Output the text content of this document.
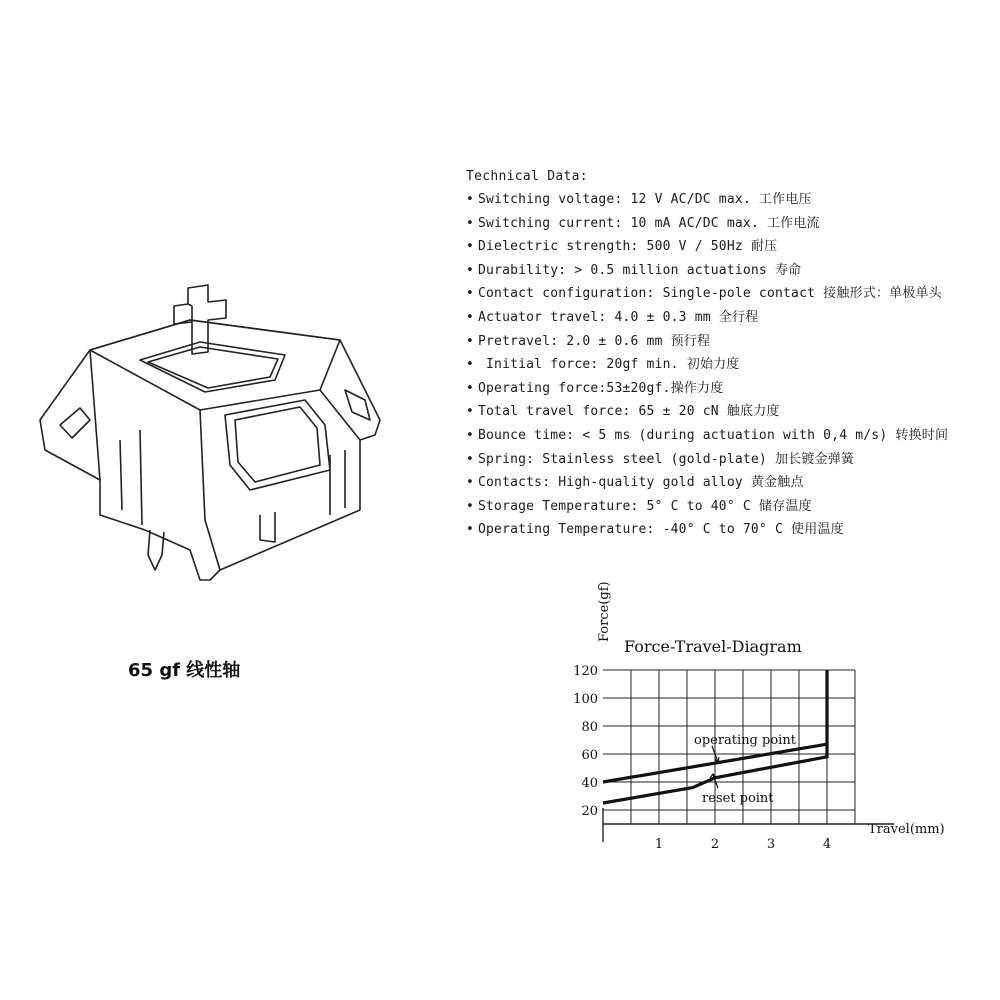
65 gf 线性轴
Technical Data:
• Switching voltage: 12 V AC/DC max. 工作电压
• Switching current: 10 mA AC/DC max. 工作电流
• Dielectric strength: 500 V / 50Hz 耐压
• Durability: > 0.5 million actuations 寿命
• Contact configuration: Single-pole contact 接触形式：单极单头
• Actuator travel: 4.0 ± 0.3 mm 全行程
• Pretravel: 2.0 ± 0.6 mm 预行程
• Initial force: 20gf min. 初始力度
• Operating force:53±20gf.操作力度
• Total travel force: 65 ± 20 cN 触底力度
• Bounce time: < 5 ms (during actuation with 0,4 m/s) 转换时间
• Spring: Stainless steel (gold-plate) 加长镀金弹簧
• Contacts: High-quality gold alloy 黄金触点
• Storage Temperature: 5° C to 40° C 储存温度
• Operating Temperature: -40° C to 70° C 使用温度
Force(gf)
Force-Travel-Diagram
20
40
60
80
100
120
1	2	3	4
Travel(mm)
operating point
reset point
